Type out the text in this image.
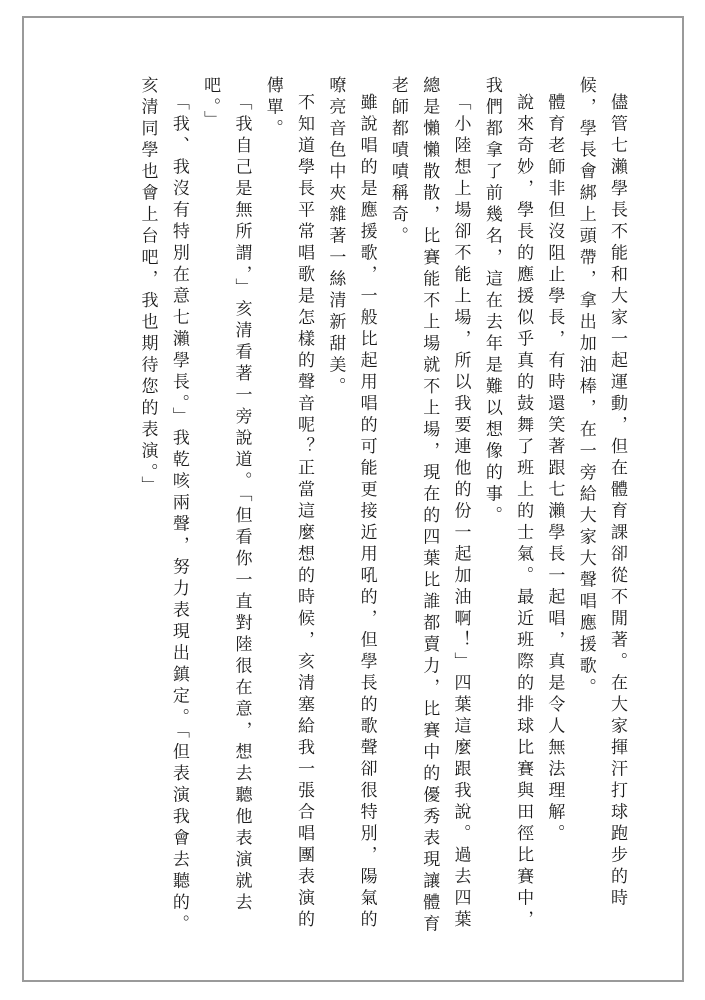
儘管七瀨學長不能和大家一起運動，但在體育課卻從不閒著。在大家揮汗打球跑步的時候，學長會綁上頭帶，拿出加油棒，在一旁給大家大聲唱應援歌。

體育老師非但沒阻止學長，有時還笑著跟七瀨學長一起唱，真是令人無法理解。

說來奇妙，學長的應援似乎真的鼓舞了班上的士氣。最近班際的排球比賽與田徑比賽中，我們都拿了前幾名，這在去年是難以想像的事。

「小陸想上場卻不能上場，所以我要連他的份一起加油啊！」四葉這麼跟我說。過去四葉總是懶懶散散，比賽能不上場就不上場，現在的四葉比誰都賣力，比賽中的優秀表現讓體育老師都嘖嘖稱奇。

雖說唱的是應援歌，一般比起用唱的可能更接近用吼的，但學長的歌聲卻很特別，陽氣的嘹亮音色中夾雜著一絲清新甜美。

不知道學長平常唱歌是怎樣的聲音呢？正當這麼想的時候，亥清塞給我一張合唱團表演的傳單。

「我自己是無所謂，」亥清看著一旁說道。「但看你一直對陸很在意，想去聽他表演就去吧。」

「我、我沒有特別在意七瀨學長。」我乾咳兩聲，努力表現出鎮定。「但表演我會去聽的。亥清同學也會上台吧，我也期待您的表演。」
